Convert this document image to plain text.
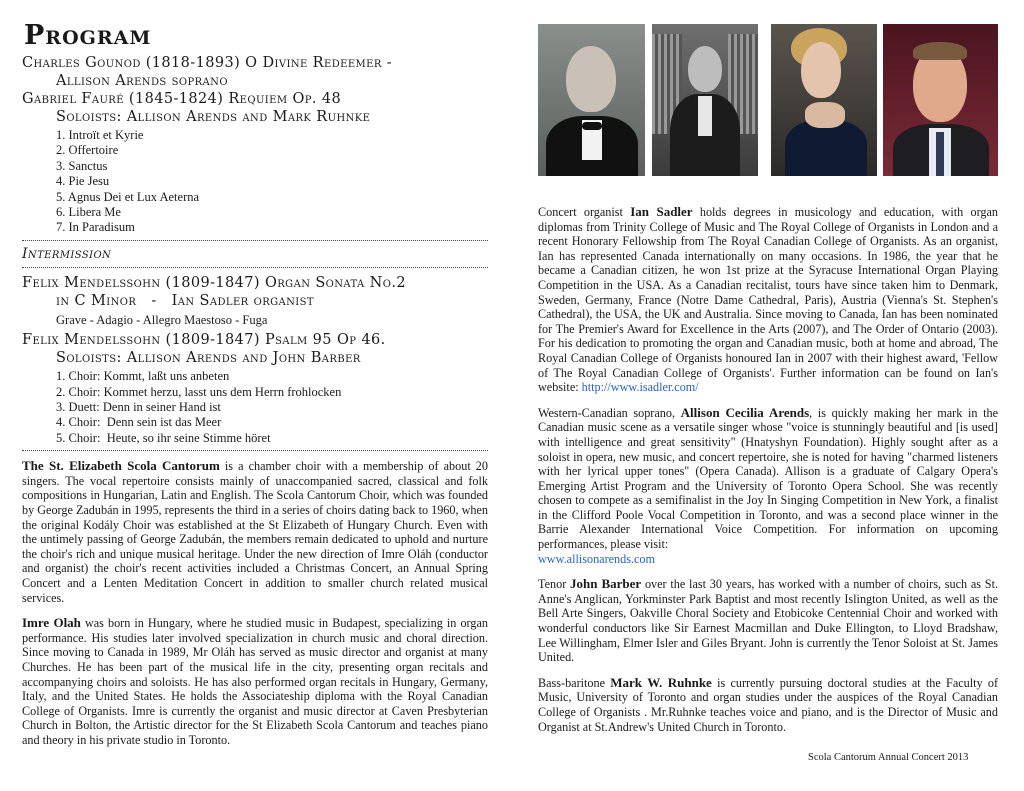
Program
Charles Gounod (1818-1893) O Divine Redeemer -
Allison Arends soprano
Gabriel Fauré (1845-1824) Requiem Op. 48
Soloists: Allison Arends and Mark Ruhnke
1. Introït et Kyrie
2. Offertoire
3. Sanctus
4. Pie Jesu
5. Agnus Dei et Lux Aeterna
6. Libera Me
7. In Paradisum
Intermission
Felix Mendelssohn (1809-1847) Organ Sonata No.2
in C Minor   -   Ian Sadler organist
Grave - Adagio - Allegro Maestoso - Fuga
Felix Mendelssohn (1809-1847) Psalm 95 Op 46.
Soloists: Allison Arends and John Barber
1. Choir: Kommt, laßt uns anbeten
2. Choir: Kommet herzu, lasst uns dem Herrn frohlocken
3. Duett: Denn in seiner Hand ist
4. Choir:  Denn sein ist das Meer
5. Choir:  Heute, so ihr seine Stimme höret

The St. Elizabeth Scola Cantorum is a chamber choir with a membership of about 20 singers. The vocal repertoire consists mainly of unaccompanied sacred, classical and folk compositions in Hungarian, Latin and English. The Scola Cantorum Choir, which was founded by George Zadubán in 1995, represents the third in a series of choirs dating back to 1960, when the original Kodály Choir was established at the St Elizabeth of Hungary Church. Even with the untimely passing of George Zadubán, the members remain dedicated to uphold and nurture the choir's rich and unique musical heritage. Under the new direction of Imre Oláh (conductor and organist) the choir's recent activities included a Christmas Concert, an Annual Spring Concert and a Lenten Meditation Concert in addition to smaller church related musical services.

Imre Olah was born in Hungary, where he studied music in Budapest, specializing in organ performance. His studies later involved specialization in church music and choral direction. Since moving to Canada in 1989, Mr Oláh has served as music director and organist at many Churches. He has been part of the musical life in the city, presenting organ recitals and accompanying choirs and soloists. He has also performed organ recitals in Hungary, Germany, Italy, and the United States. He holds the Associateship diploma with the Royal Canadian College of Organists. Imre is currently the organist and music director at Caven Presbyterian Church in Bolton, the Artistic director for the St Elizabeth Scola Cantorum and teaches piano and theory in his private studio in Toronto.

Concert organist Ian Sadler holds degrees in musicology and education, with organ diplomas from Trinity College of Music and The Royal College of Organists in London and a recent Honorary Fellowship from The Royal Canadian College of Organists. As an organist, Ian has represented Canada internationally on many occasions. In 1986, the year that he became a Canadian citizen, he won 1st prize at the Syracuse International Organ Playing Competition in the USA. As a Canadian recitalist, tours have since taken him to Denmark, Sweden, Germany, France (Notre Dame Cathedral, Paris), Austria (Vienna's St. Stephen's Cathedral), the USA, the UK and Australia. Since moving to Canada, Ian has been nominated for The Premier's Award for Excellence in the Arts (2007), and The Order of Ontario (2003). For his dedication to promoting the organ and Canadian music, both at home and abroad, The Royal Canadian College of Organists honoured Ian in 2007 with their highest award, 'Fellow of The Royal Canadian College of Organists'. Further information can be found on Ian's website: http://www.isadler.com/

Western-Canadian soprano, Allison Cecilia Arends, is quickly making her mark in the Canadian music scene as a versatile singer whose "voice is stunningly beautiful and [is used] with intelligence and great sensitivity" (Hnatyshyn Foundation). Highly sought after as a soloist in opera, new music, and concert repertoire, she is noted for having "charmed listeners with her lyrical upper tones" (Opera Canada). Allison is a graduate of Calgary Opera's Emerging Artist Program and the University of Toronto Opera School. She was recently chosen to compete as a semifinalist in the Joy In Singing Competition in New York, a finalist in the Clifford Poole Vocal Competition in Toronto, and was a second place winner in the Barrie Alexander International Voice Competition. For information on upcoming performances, please visit:
www.allisonarends.com

Tenor John Barber over the last 30 years, has worked with a number of choirs, such as St. Anne's Anglican, Yorkminster Park Baptist and most recently Islington United, as well as the Bell Arte Singers, Oakville Choral Society and Etobicoke Centennial Choir and worked with wonderful conductors like Sir Earnest Macmillan and Duke Ellington, to Lloyd Bradshaw, Lee Willingham, Elmer Isler and Giles Bryant. John is currently the Tenor Soloist at St. James United.

Bass-baritone Mark W. Ruhnke is currently pursuing doctoral studies at the Faculty of Music, University of Toronto and organ studies under the auspices of the Royal Canadian College of Organists . Mr.Ruhnke teaches voice and piano, and is the Director of Music and Organist at St.Andrew's United Church in Toronto.

Scola Cantorum Annual Concert 2013
